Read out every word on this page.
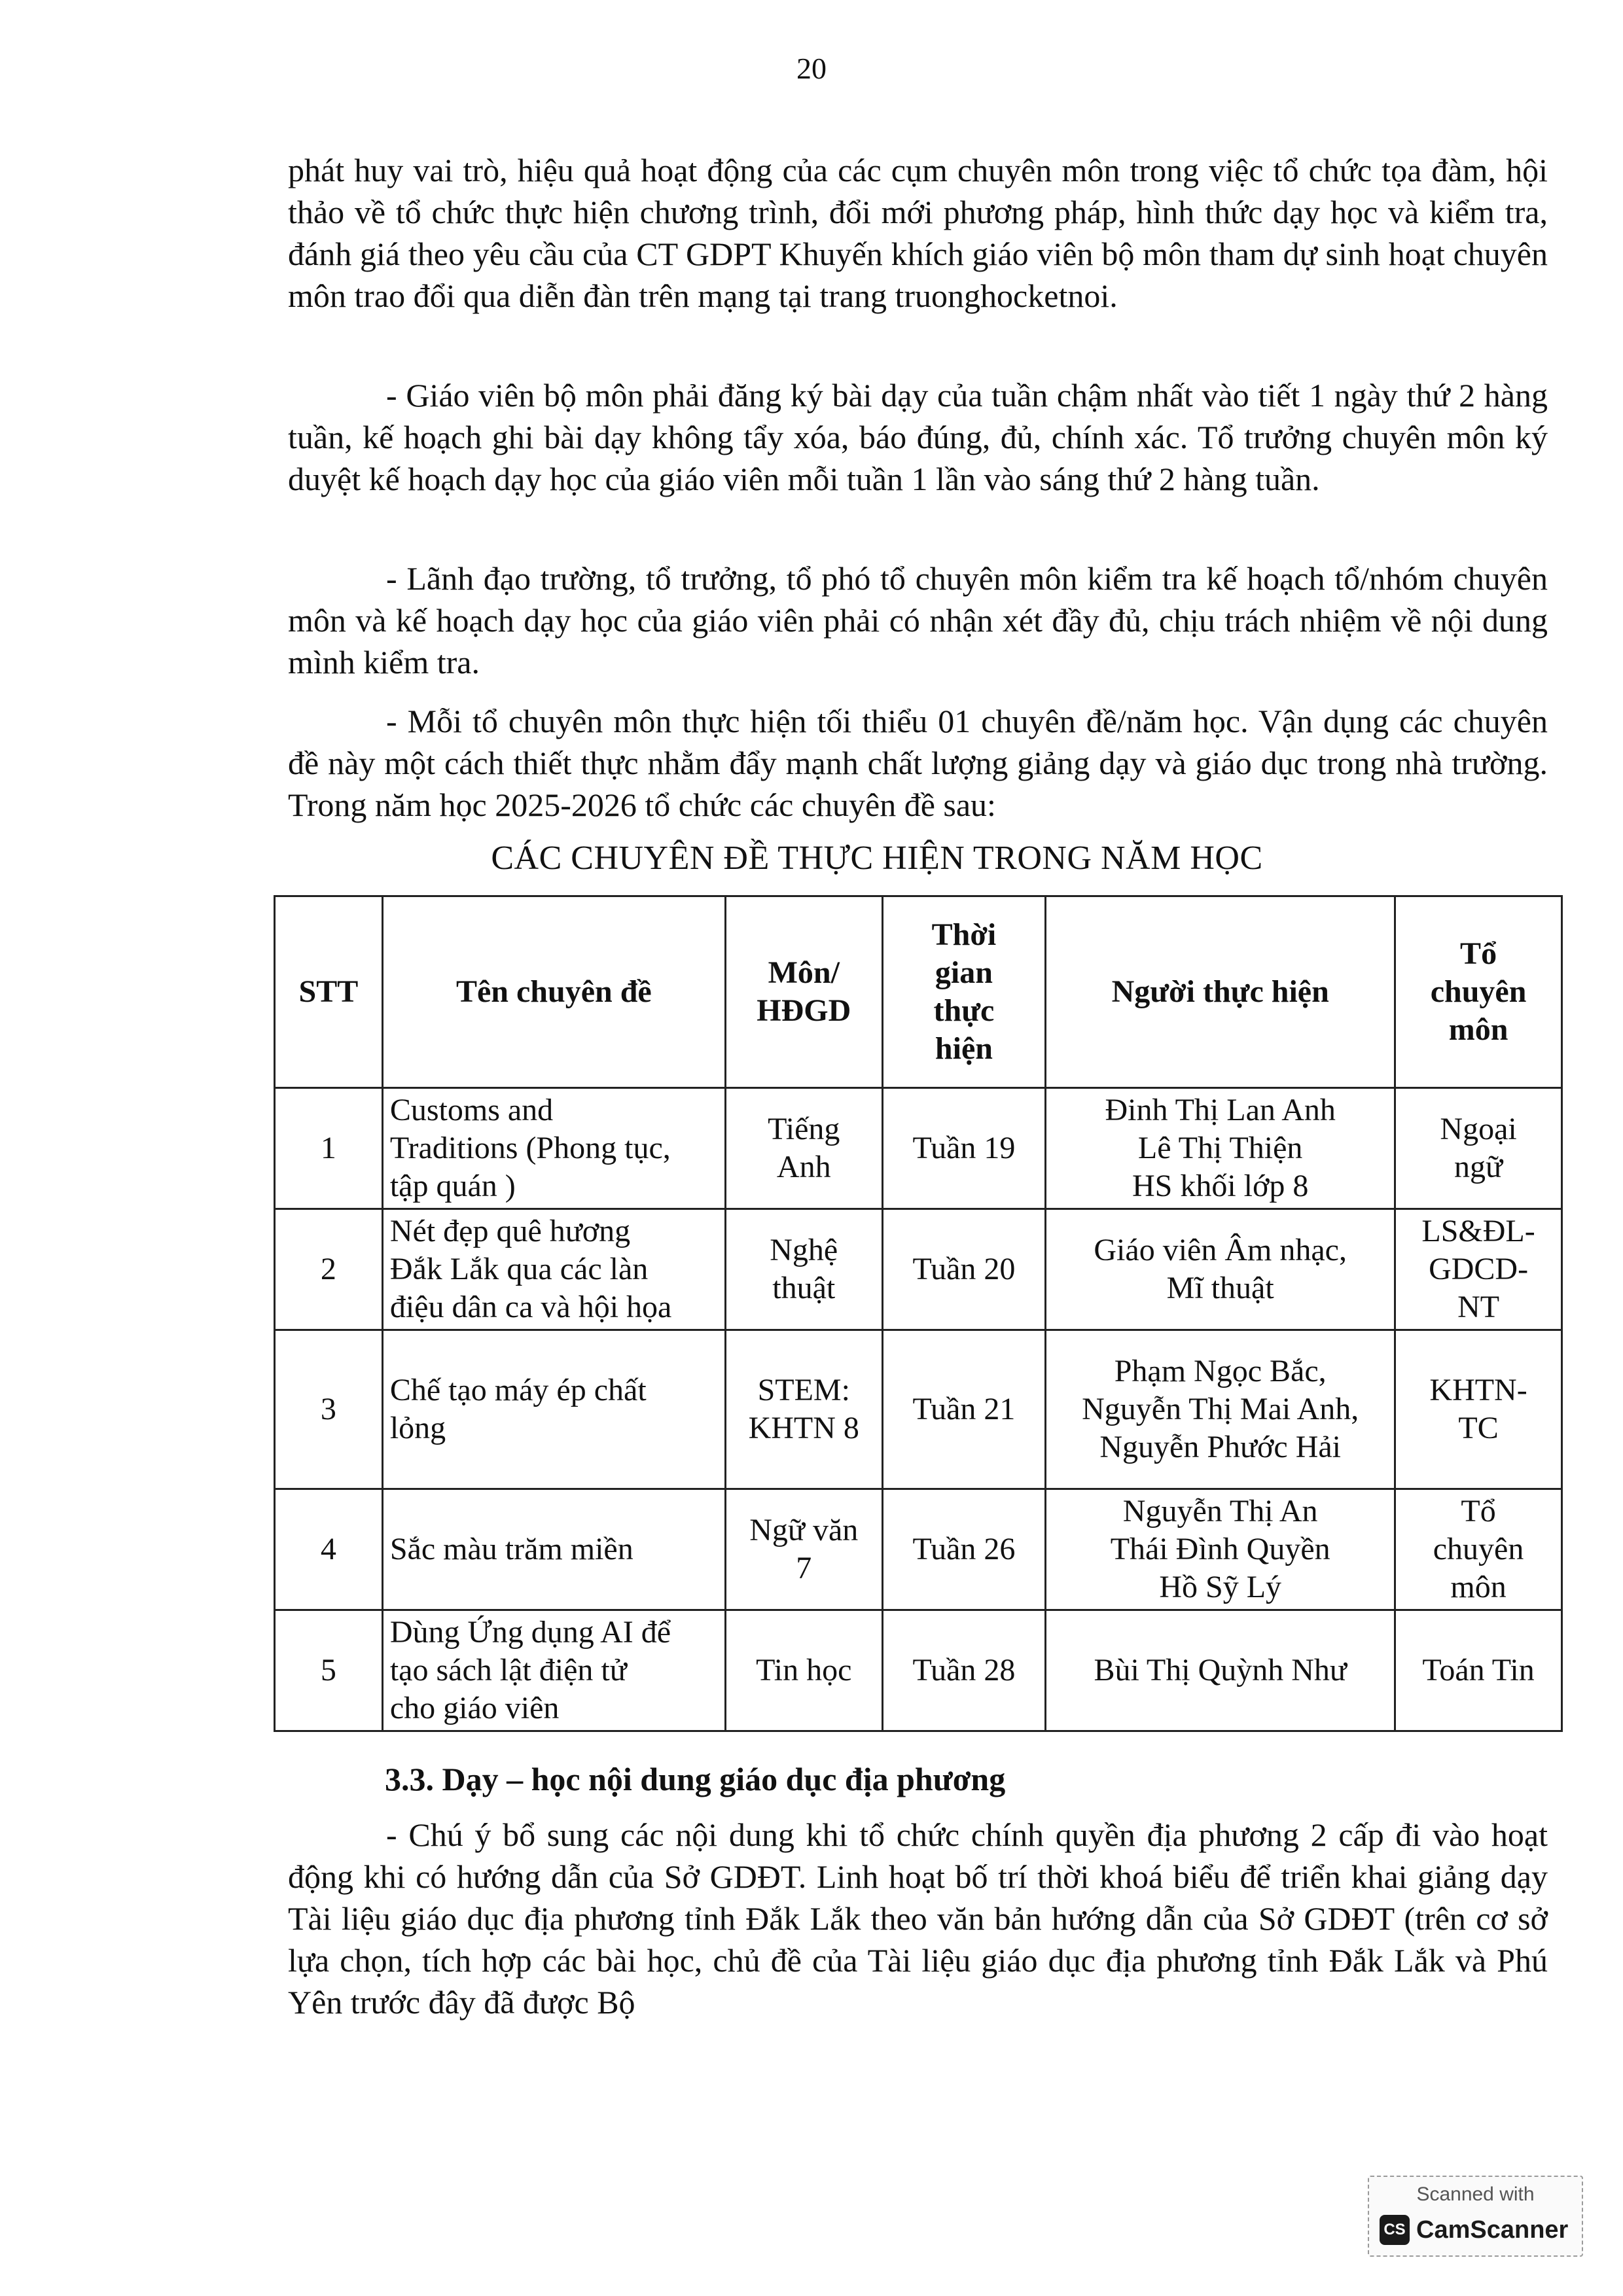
20

phát huy vai trò, hiệu quả hoạt động của các cụm chuyên môn trong việc tổ chức tọa đàm, hội thảo về tổ chức thực hiện chương trình, đổi mới phương pháp, hình thức dạy học và kiểm tra, đánh giá theo yêu cầu của CT GDPT Khuyến khích giáo viên bộ môn tham dự sinh hoạt chuyên môn trao đổi qua diễn đàn trên mạng tại trang truonghocketnoi.

- Giáo viên bộ môn phải đăng ký bài dạy của tuần chậm nhất vào tiết 1 ngày thứ 2 hàng tuần, kế hoạch ghi bài dạy không tẩy xóa, báo đúng, đủ, chính xác. Tổ trưởng chuyên môn ký duyệt kế hoạch dạy học của giáo viên mỗi tuần 1 lần vào sáng thứ 2 hàng tuần.

- Lãnh đạo trường, tổ trưởng, tổ phó tổ chuyên môn kiểm tra kế hoạch tổ/nhóm chuyên môn và kế hoạch dạy học của giáo viên phải có nhận xét đầy đủ, chịu trách nhiệm về nội dung mình kiểm tra.

- Mỗi tổ chuyên môn thực hiện tối thiểu 01 chuyên đề/năm học. Vận dụng các chuyên đề này một cách thiết thực nhằm đẩy mạnh chất lượng giảng dạy và giáo dục trong nhà trường. Trong năm học 2025-2026 tổ chức các chuyên đề sau:

CÁC CHUYÊN ĐỀ THỰC HIỆN TRONG NĂM HỌC
STT	Tên chuyên đề	Môn/
HĐGD	Thời
gian
thực
hiện	Người thực hiện	Tổ
chuyên
môn

1	Customs and
Traditions (Phong tục,
tập quán )	Tiếng
Anh	Tuần 19	Đinh Thị Lan Anh
Lê Thị Thiện
HS khối lớp 8	Ngoại
ngữ

2	Nét đẹp quê hương
Đắk Lắk qua các làn
điệu dân ca và hội họa	Nghệ
thuật	Tuần 20	Giáo viên Âm nhạc,
Mĩ thuật	LS&ĐL-
GDCD-
NT

3	Chế tạo máy ép chất
lỏng	STEM:
KHTN 8	Tuần 21	Phạm Ngọc Bắc,
Nguyễn Thị Mai Anh,
Nguyễn Phước Hải	KHTN-
TC

4	Sắc màu trăm miền	Ngữ văn
7	Tuần 26	Nguyễn Thị An
Thái Đình Quyền
Hồ Sỹ Lý	Tổ
chuyên
môn

5	Dùng Ứng dụng AI để
tạo sách lật điện tử
cho giáo viên	Tin học	Tuần 28	Bùi Thị Quỳnh Như	Toán Tin
3.3. Dạy – học nội dung giáo dục địa phương

- Chú ý bổ sung các nội dung khi tổ chức chính quyền địa phương 2 cấp đi vào hoạt động khi có hướng dẫn của Sở GDĐT. Linh hoạt bố trí thời khoá biểu để triển khai giảng dạy Tài liệu giáo dục địa phương tỉnh Đắk Lắk theo văn bản hướng dẫn của Sở GDĐT (trên cơ sở lựa chọn, tích hợp các bài học, chủ đề của Tài liệu giáo dục địa phương tỉnh Đắk Lắk và Phú Yên trước đây đã được Bộ

Scanned with
CS CamScanner
